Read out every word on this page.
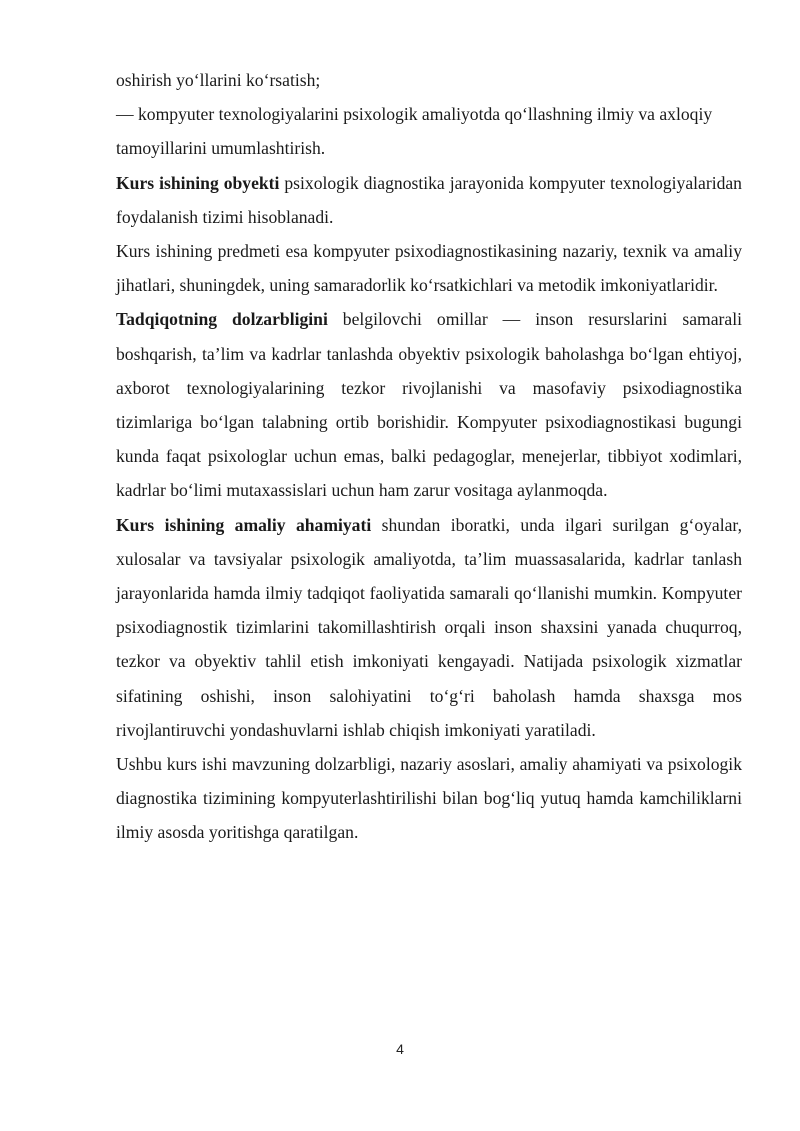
oshirish yo‘llarini ko‘rsatish;

— kompyuter texnologiyalarini psixologik amaliyotda qo‘llashning ilmiy va axloqiy tamoyillarini umumlashtirish.

Kurs ishining obyekti psixologik diagnostika jarayonida kompyuter texnologiyalaridan foydalanish tizimi hisoblanadi.

Kurs ishining predmeti esa kompyuter psixodiagnostikasining nazariy, texnik va amaliy jihatlari, shuningdek, uning samaradorlik ko‘rsatkichlari va metodik imkoniyatlaridir.

Tadqiqotning dolzarbligini belgilovchi omillar — inson resurslarini samarali boshqarish, ta’lim va kadrlar tanlashda obyektiv psixologik baholashga bo‘lgan ehtiyoj, axborot texnologiyalarining tezkor rivojlanishi va masofaviy psixodiagnostika tizimlariga bo‘lgan talabning ortib borishidir. Kompyuter psixodiagnostikasi bugungi kunda faqat psixologlar uchun emas, balki pedagoglar, menejerlar, tibbiyot xodimlari, kadrlar bo‘limi mutaxassislari uchun ham zarur vositaga aylanmoqda.

Kurs ishining amaliy ahamiyati shundan iboratki, unda ilgari surilgan g‘oyalar, xulosalar va tavsiyalar psixologik amaliyotda, ta’lim muassasalarida, kadrlar tanlash jarayonlarida hamda ilmiy tadqiqot faoliyatida samarali qo‘llanishi mumkin. Kompyuter psixodiagnostik tizimlarini takomillashtirish orqali inson shaxsini yanada chuqurroq, tezkor va obyektiv tahlil etish imkoniyati kengayadi. Natijada psixologik xizmatlar sifatining oshishi, inson salohiyatini to‘g‘ri baholash hamda shaxsga mos rivojlantiruvchi yondashuvlarni ishlab chiqish imkoniyati yaratiladi.

Ushbu kurs ishi mavzuning dolzarbligi, nazariy asoslari, amaliy ahamiyati va psixologik diagnostika tizimining kompyuterlashtirilishi bilan bog‘liq yutuq hamda kamchiliklarni ilmiy asosda yoritishga qaratilgan.

4
